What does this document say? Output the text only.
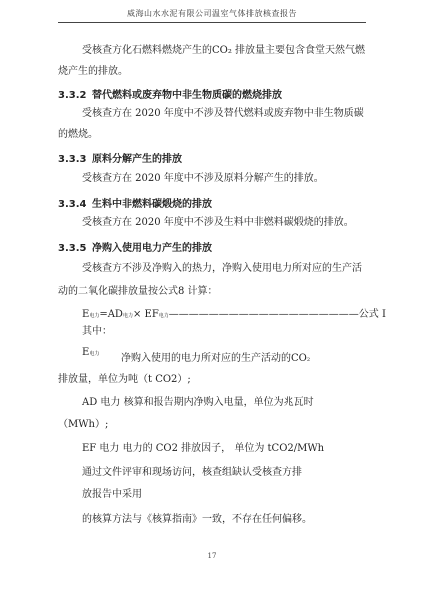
威海山水水泥有限公司温室气体排放核查报告
受核查方化石燃料燃烧产生的CO₂ 排放量主要包含食堂天然气燃
烧产生的排放。
3.3.2 替代燃料或废弃物中非生物质碳的燃烧排放
受核查方在 2020 年度中不涉及替代燃料或废弃物中非生物质碳
的燃烧。
3.3.3 原料分解产生的排放
受核查方在 2020 年度中不涉及原料分解产生的排放。
3.3.4 生料中非燃料碳煅烧的排放
受核查方在 2020 年度中不涉及生料中非燃料碳煅烧的排放。
3.3.5 净购入使用电力产生的排放
受核查方不涉及净购入的热力，净购入使用电力所对应的生产活
动的二氧化碳排放量按公式8 计算：
E电力=AD电力× EF电力———————————————————公式 I
其中：
E电力 净购入使用的电力所对应的生产活动的CO2
排放量，单位为吨（t CO2）;
AD 电力 核算和报告期内净购入电量，单位为兆瓦时
（MWh）;
EF 电力 电力的 CO2 排放因子， 单位为 tCO2/MWh
通过文件评审和现场访问，核查组缺认受核查方排
放报告中采用
的核算方法与《核算指南》一致，不存在任何偏移。
17
